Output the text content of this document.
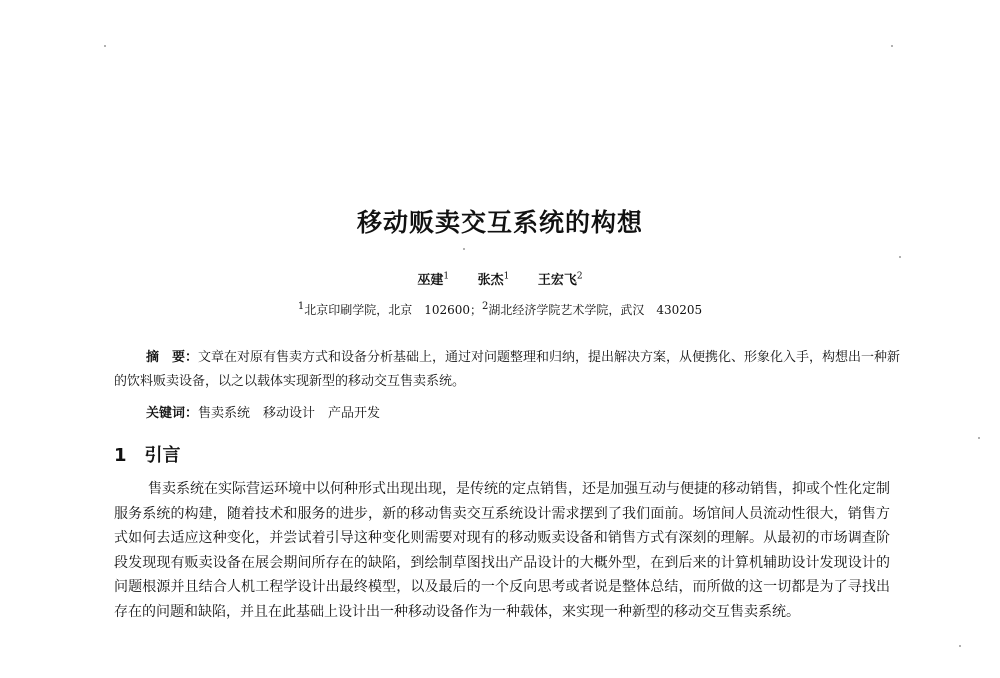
移动贩卖交互系统的构想
巫建$^1$ 张杰$^1$ 王宏飞$^2$
$^1$北京印刷学院，北京　102600；$^2$湖北经济学院艺术学院，武汉　430205
摘　要：文章在对原有售卖方式和设备分析基础上，通过对问题整理和归纳，提出解决方案，从便携化、形象化入手，构想出一种新的饮料贩卖设备，以之以载体实现新型的移动交互售卖系统。
关键词：售卖系统　移动设计　产品开发
1 引言
售卖系统在实际营运环境中以何种形式出现出现，是传统的定点销售，还是加强互动与便捷的移动销售，抑或个性化定制服务系统的构建，随着技术和服务的进步，新的移动售卖交互系统设计需求摆到了我们面前。场馆间人员流动性很大，销售方式如何去适应这种变化，并尝试着引导这种变化则需要对现有的移动贩卖设备和销售方式有深刻的理解。从最初的市场调查阶段发现现有贩卖设备在展会期间所存在的缺陷，到绘制草图找出产品设计的大概外型，在到后来的计算机辅助设计发现设计的问题根源并且结合人机工程学设计出最终模型，以及最后的一个反向思考或者说是整体总结，而所做的这一切都是为了寻找出存在的问题和缺陷，并且在此基础上设计出一种移动设备作为一种载体，来实现一种新型的移动交互售卖系统。
